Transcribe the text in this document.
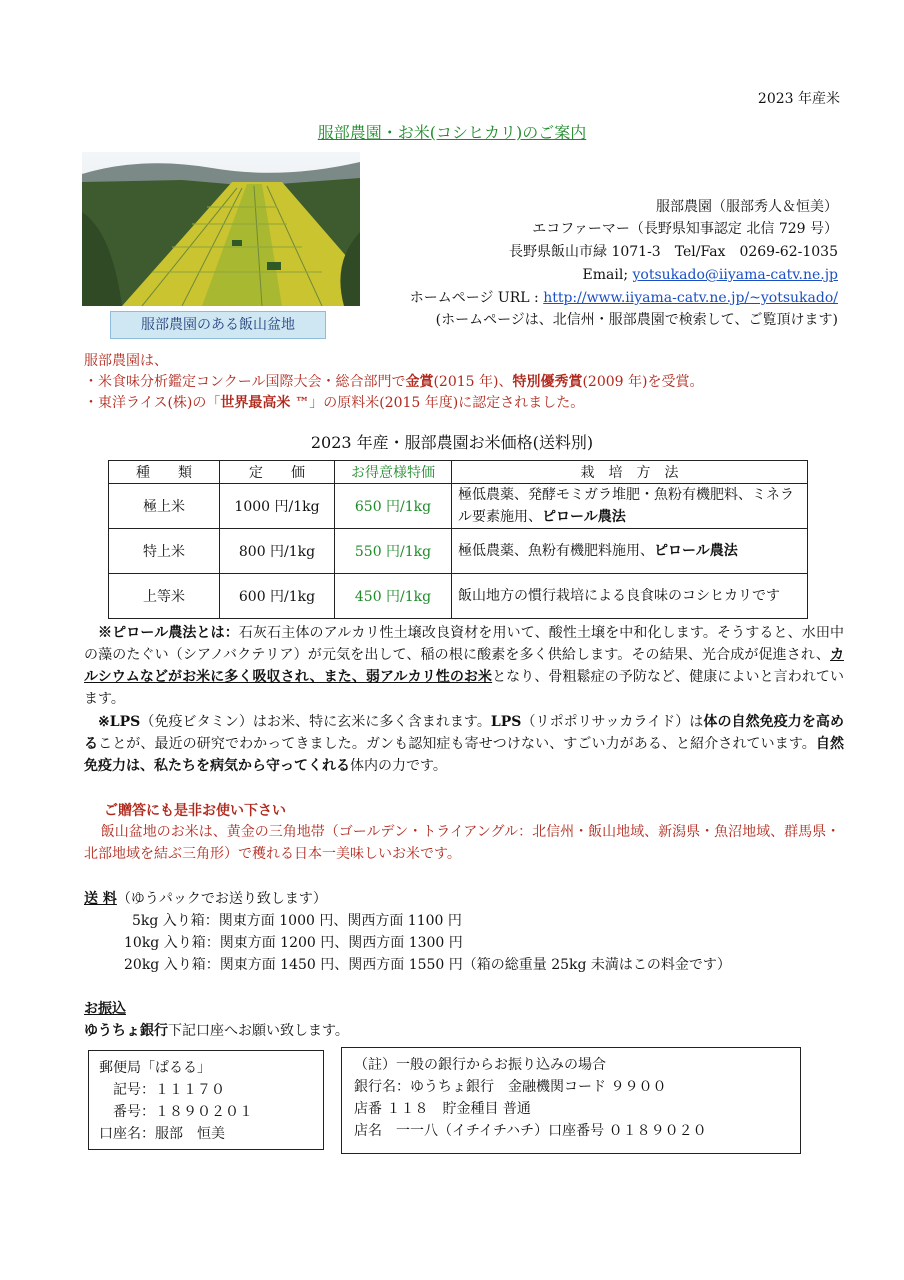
2023 年産米
服部農園・お米(コシヒカリ)のご案内
服部農園のある飯山盆地
服部農園（服部秀人＆恒美）
エコファーマー（長野県知事認定 北信 729 号）
長野県飯山市緑 1071-3　Tel/Fax　0269-62-1035
Email; yotsukado@iiyama-catv.ne.jp
ホームページ URL : http://www.iiyama-catv.ne.jp/~yotsukado/
(ホームページは、北信州・服部農園で検索して、ご覧頂けます)
服部農園は、
・米食味分析鑑定コンクール国際大会・総合部門で金賞(2015 年)、特別優秀賞(2009 年)を受賞。
・東洋ライス(株)の「世界最高米 ™」の原料米(2015 年度)に認定されました。
2023 年産・服部農園お米価格(送料別)
種　　類	定　　価	お得意様特価	栽　培　方　法
極上米	1000 円/1kg	650 円/1kg	極低農薬、発酵モミガラ堆肥・魚粉有機肥料、ミネラル要素施用、ピロール農法
特上米	800 円/1kg	550 円/1kg	極低農薬、魚粉有機肥料施用、ピロール農法
上等米	600 円/1kg	450 円/1kg	飯山地方の慣行栽培による良食味のコシヒカリです
※ピロール農法とは：石灰石主体のアルカリ性土壌改良資材を用いて、酸性土壌を中和化します。そうすると、水田中の藻のたぐい（シアノバクテリア）が元気を出して、稲の根に酸素を多く供給します。その結果、光合成が促進され、カルシウムなどがお米に多く吸収され、また、弱アルカリ性のお米となり、骨粗鬆症の予防など、健康によいと言われています。
※LPS（免疫ビタミン）はお米、特に玄米に多く含まれます。LPS（リポポリサッカライド）は体の自然免疫力を高めることが、最近の研究でわかってきました。ガンも認知症も寄せつけない、すごい力がある、と紹介されています。自然免疫力は、私たちを病気から守ってくれる体内の力です。
ご贈答にも是非お使い下さい
飯山盆地のお米は、黄金の三角地帯（ゴールデン・トライアングル：北信州・飯山地域、新潟県・魚沼地域、群馬県・北部地域を結ぶ三角形）で穫れる日本一美味しいお米です。
送 料（ゆうパックでお送り致します）
5kg 入り箱：関東方面 1000 円、関西方面 1100 円
10kg 入り箱：関東方面 1200 円、関西方面 1300 円
20kg 入り箱：関東方面 1450 円、関西方面 1550 円（箱の総重量 25kg 未満はこの料金です）
お振込
ゆうちょ銀行下記口座へお願い致します。
郵便局「ぱるる」
記号：１１１７０
番号：１８９０２０１
口座名：服部　恒美
（註）一般の銀行からお振り込みの場合
銀行名：ゆうちょ銀行　金融機関コード ９９００
店番 １１８　貯金種目 普通
店名　一一八（イチイチハチ）口座番号 ０１８９０２０
